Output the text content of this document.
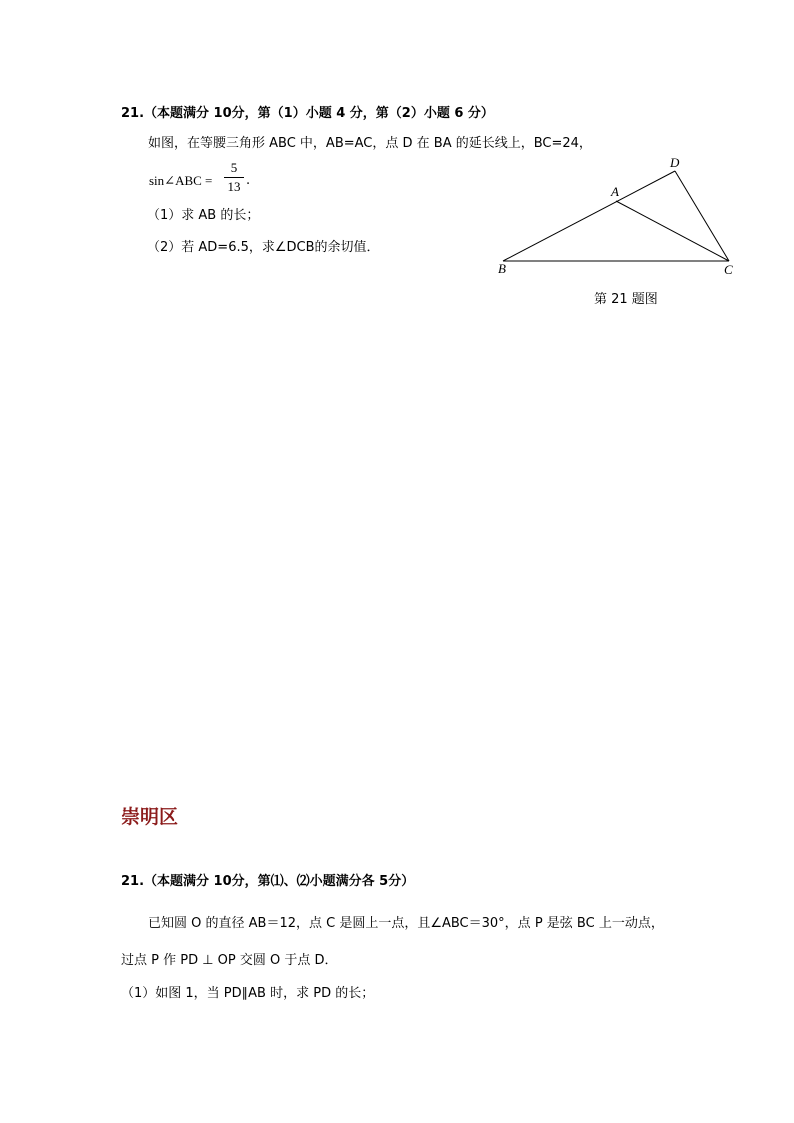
21.（本题满分 10分，第（1）小题 4 分，第（2）小题 6 分）
如图，在等腰三角形 ABC 中，AB=AC，点 D 在 BA 的延长线上，BC=24，
sin∠ABC =
5
13 .
（1）求 AB 的长；
（2）若 AD=6.5，求∠DCB的余切值．
D
A
B	C
第 21 题图
崇明区
21.（本题满分 10分，第⑴、⑵小题满分各 5分）
已知圆 O 的直径 AB＝12，点 C 是圆上一点，且∠ABC＝30°，点 P 是弦 BC 上一动点，
过点 P 作 PD ⊥ OP 交圆 O 于点 D．
（1）如图 1，当 PD∥AB 时，求 PD 的长；
